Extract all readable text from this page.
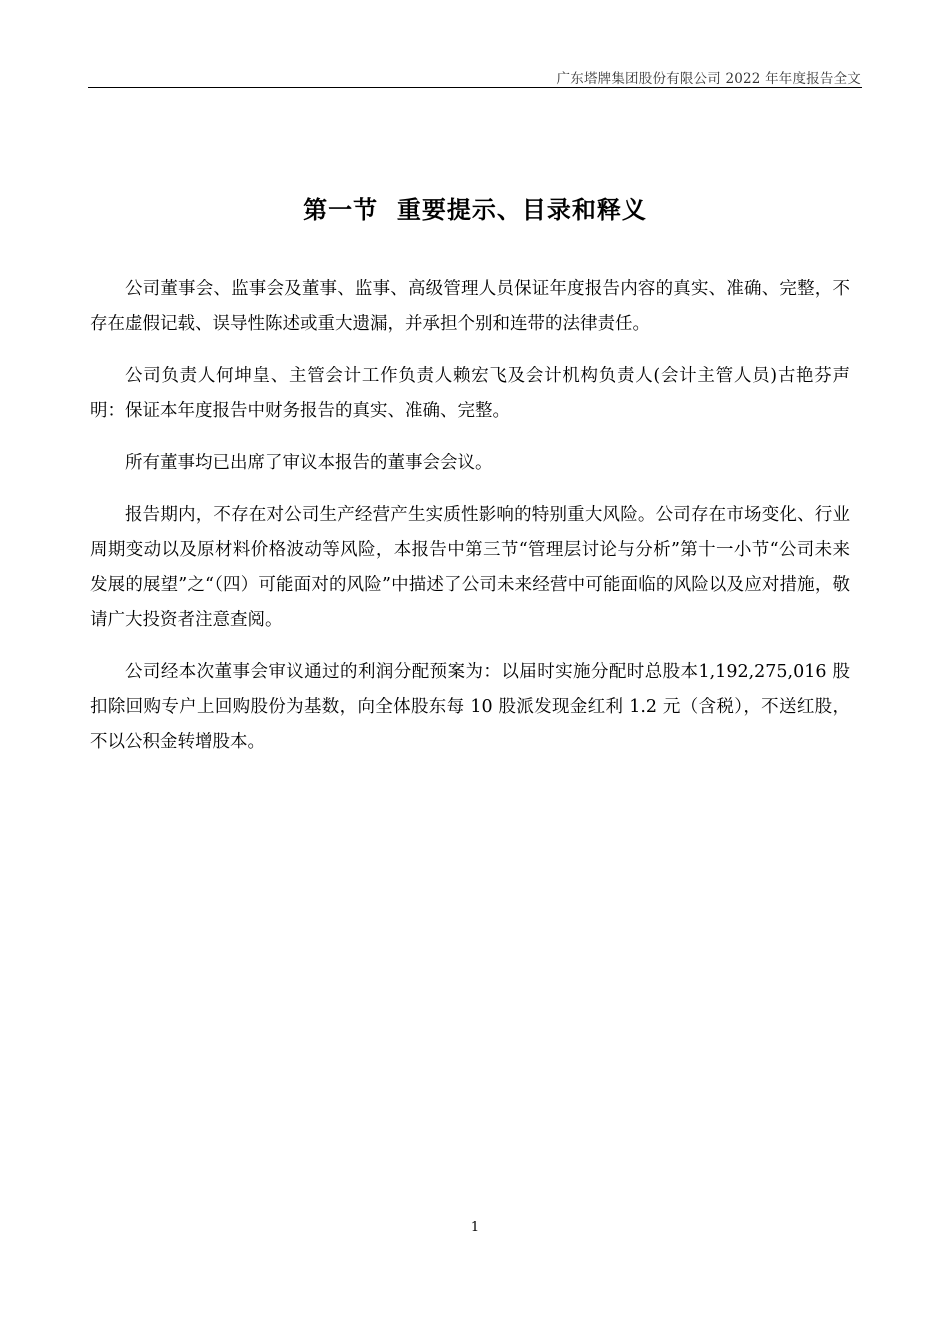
广东塔牌集团股份有限公司 2022 年年度报告全文
第一节  重要提示、目录和释义

公司董事会、监事会及董事、监事、高级管理人员保证年度报告内容的真实、准确、完整，不存在虚假记载、误导性陈述或重大遗漏，并承担个别和连带的法律责任。

公司负责人何坤皇、主管会计工作负责人赖宏飞及会计机构负责人(会计主管人员)古艳芬声明：保证本年度报告中财务报告的真实、准确、完整。

所有董事均已出席了审议本报告的董事会会议。

报告期内，不存在对公司生产经营产生实质性影响的特别重大风险。公司存在市场变化、行业周期变动以及原材料价格波动等风险，本报告中第三节“管理层讨论与分析”第十一小节“公司未来发展的展望”之“（四）可能面对的风险”中描述了公司未来经营中可能面临的风险以及应对措施，敬请广大投资者注意查阅。

公司经本次董事会审议通过的利润分配预案为：以届时实施分配时总股本1,192,275,016 股扣除回购专户上回购股份为基数，向全体股东每 10 股派发现金红利 1.2 元（含税），不送红股，不以公积金转增股本。

1
